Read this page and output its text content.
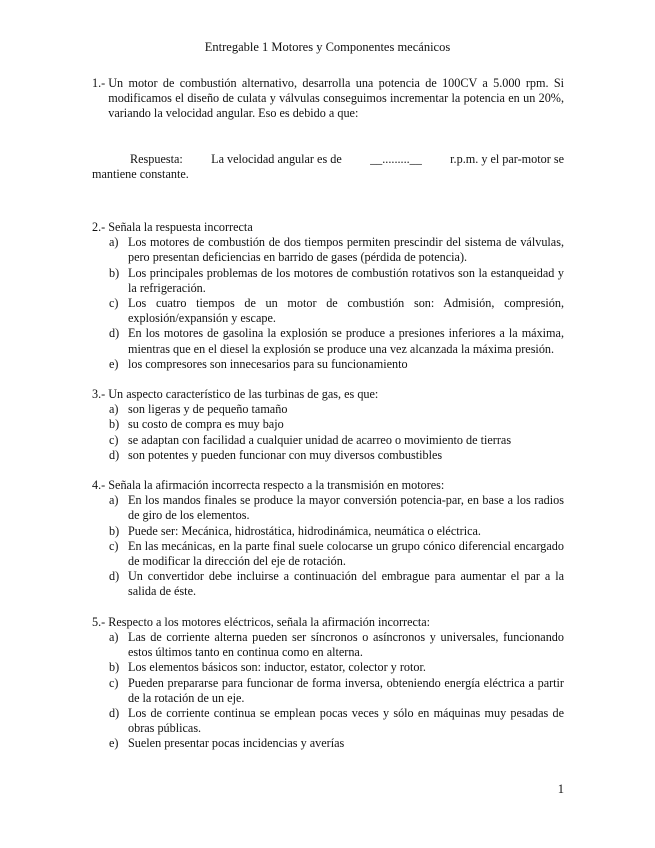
Entregable 1 Motores y Componentes mecánicos
1.-
Un motor de combustión alternativo, desarrolla una potencia de 100CV a 5.000 rpm. Si modificamos el diseño de culata y válvulas conseguimos incrementar la potencia en un 20%, variando la velocidad angular. Eso es debido a que:
Respuesta: La velocidad angular es de __.........__ r.p.m. y el par-motor se
mantiene constante.
2.-
Señala la respuesta incorrecta
a) Los motores de combustión de dos tiempos permiten prescindir del sistema de válvulas, pero presentan deficiencias en barrido de gases (pérdida de potencia).
b) Los principales problemas de los motores de combustión rotativos son la estanqueidad y la refrigeración.
c) Los cuatro tiempos de un motor de combustión son: Admisión, compresión, explosión/expansión y escape.
d) En los motores de gasolina la explosión se produce a presiones inferiores a la máxima, mientras que en el diesel la explosión se produce una vez alcanzada la máxima presión.
e) los compresores son innecesarios para su funcionamiento
3.-
Un aspecto característico de las turbinas de gas, es que:
a) son ligeras y de pequeño tamaño
b) su costo de compra es muy bajo
c) se adaptan con facilidad a cualquier unidad de acarreo o movimiento de tierras
d) son potentes y pueden funcionar con muy diversos combustibles
4.-
Señala la afirmación incorrecta respecto a la transmisión en motores:
a) En los mandos finales se produce la mayor conversión potencia-par, en base a los radios de giro de los elementos.
b) Puede ser: Mecánica, hidrostática, hidrodinámica, neumática o eléctrica.
c) En las mecánicas, en la parte final suele colocarse un grupo cónico diferencial encargado de modificar la dirección del eje de rotación.
d) Un convertidor debe incluirse a continuación del embrague para aumentar el par a la salida de éste.
5.-
Respecto a los motores eléctricos, señala la afirmación incorrecta:
a) Las de corriente alterna pueden ser síncronos o asíncronos y universales, funcionando estos últimos tanto en continua como en alterna.
b) Los elementos básicos son: inductor, estator, colector y rotor.
c) Pueden prepararse para funcionar de forma inversa, obteniendo energía eléctrica a partir de la rotación de un eje.
d) Los de corriente continua se emplean pocas veces y sólo en máquinas muy pesadas de obras públicas.
e) Suelen presentar pocas incidencias y averías
1
